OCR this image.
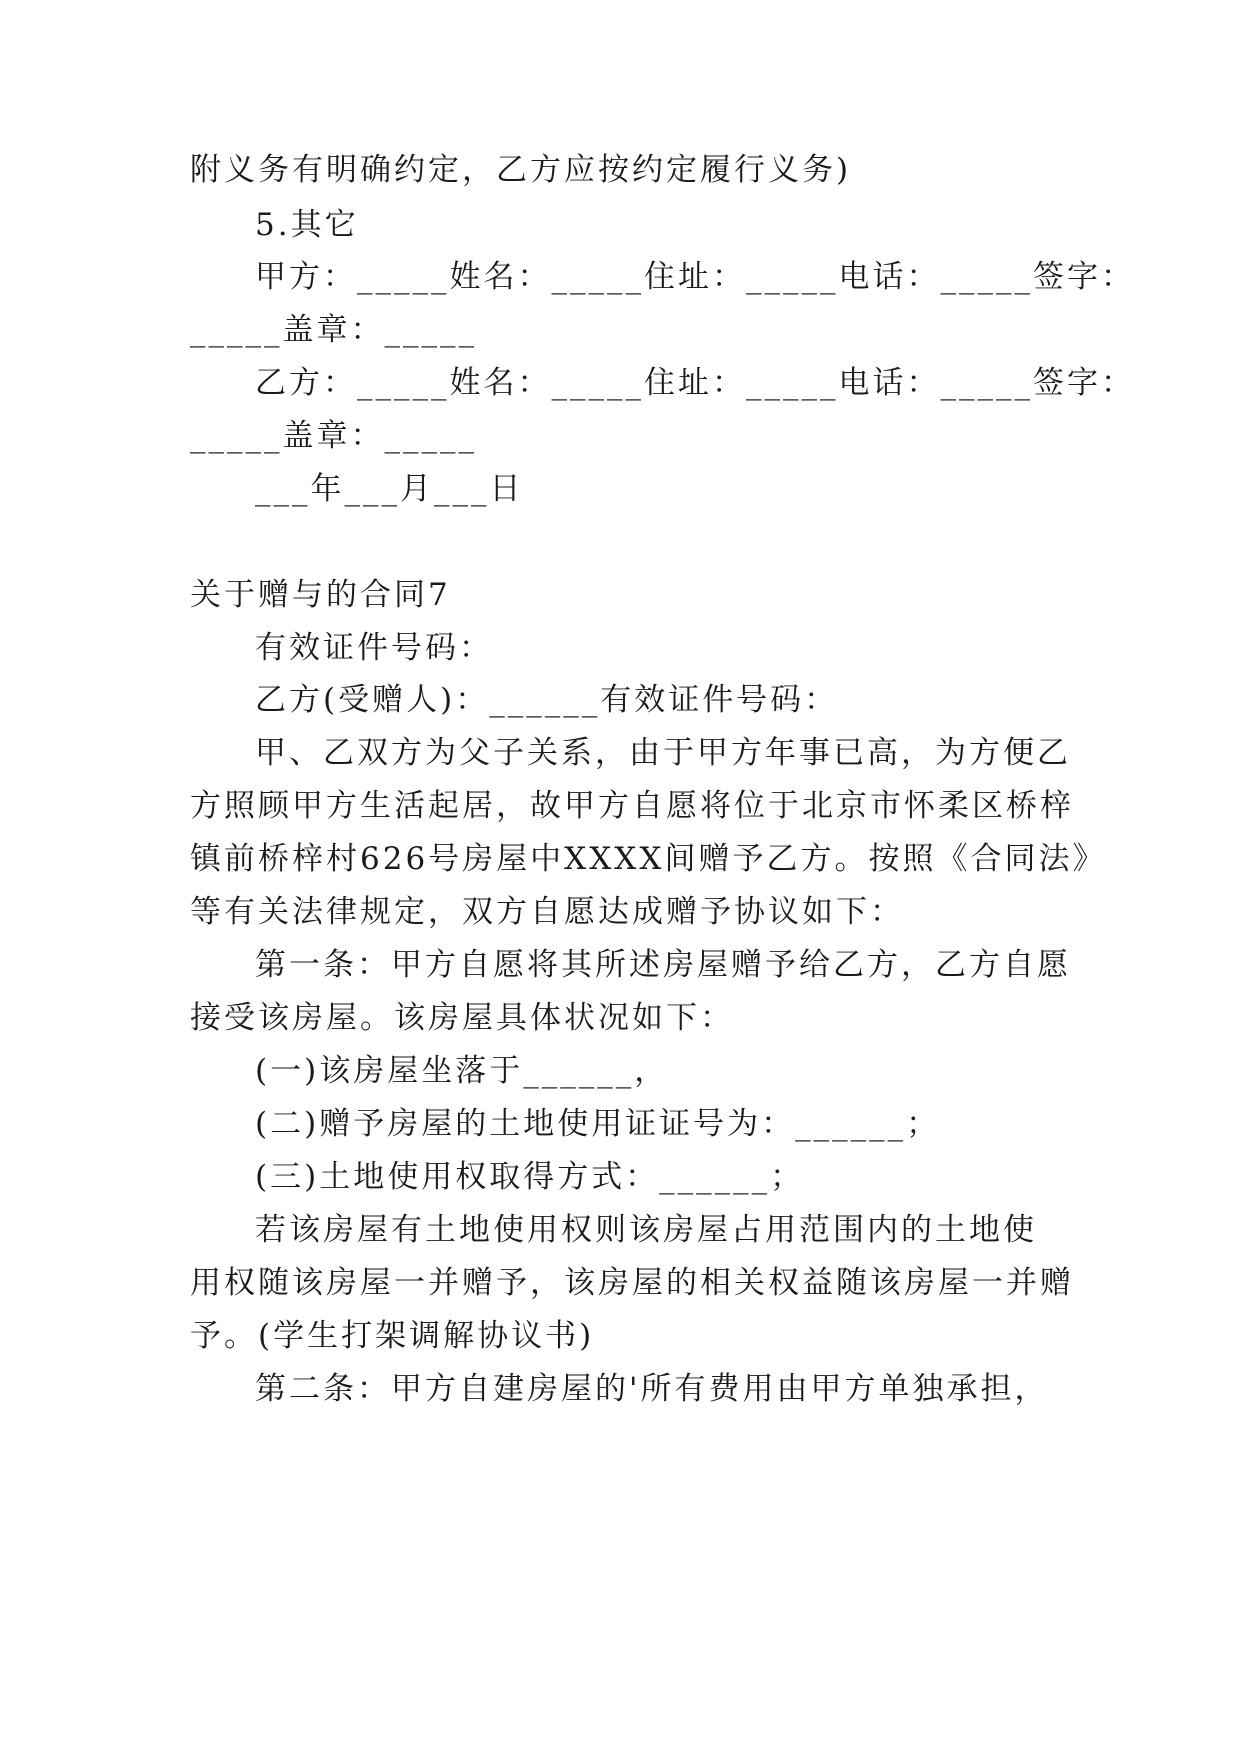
附义务有明确约定，乙方应按约定履行义务)
5.其它
甲方：_____姓名：_____住址：_____电话：_____签字：
_____盖章：_____
乙方：_____姓名：_____住址：_____电话：_____签字：
_____盖章：_____
___年___月___日
关于赠与的合同7
有效证件号码：
乙方(受赠人)：______有效证件号码：
甲、乙双方为父子关系，由于甲方年事已高，为方便乙
方照顾甲方生活起居，故甲方自愿将位于北京市怀柔区桥梓
镇前桥梓村626号房屋中XXXX间赠予乙方。按照《合同法》
等有关法律规定，双方自愿达成赠予协议如下：
第一条：甲方自愿将其所述房屋赠予给乙方，乙方自愿
接受该房屋。该房屋具体状况如下：
(一)该房屋坐落于______，
(二)赠予房屋的土地使用证证号为：______；
(三)土地使用权取得方式：______；
若该房屋有土地使用权则该房屋占用范围内的土地使
用权随该房屋一并赠予，该房屋的相关权益随该房屋一并赠
予。(学生打架调解协议书)
第二条：甲方自建房屋的'所有费用由甲方单独承担，
